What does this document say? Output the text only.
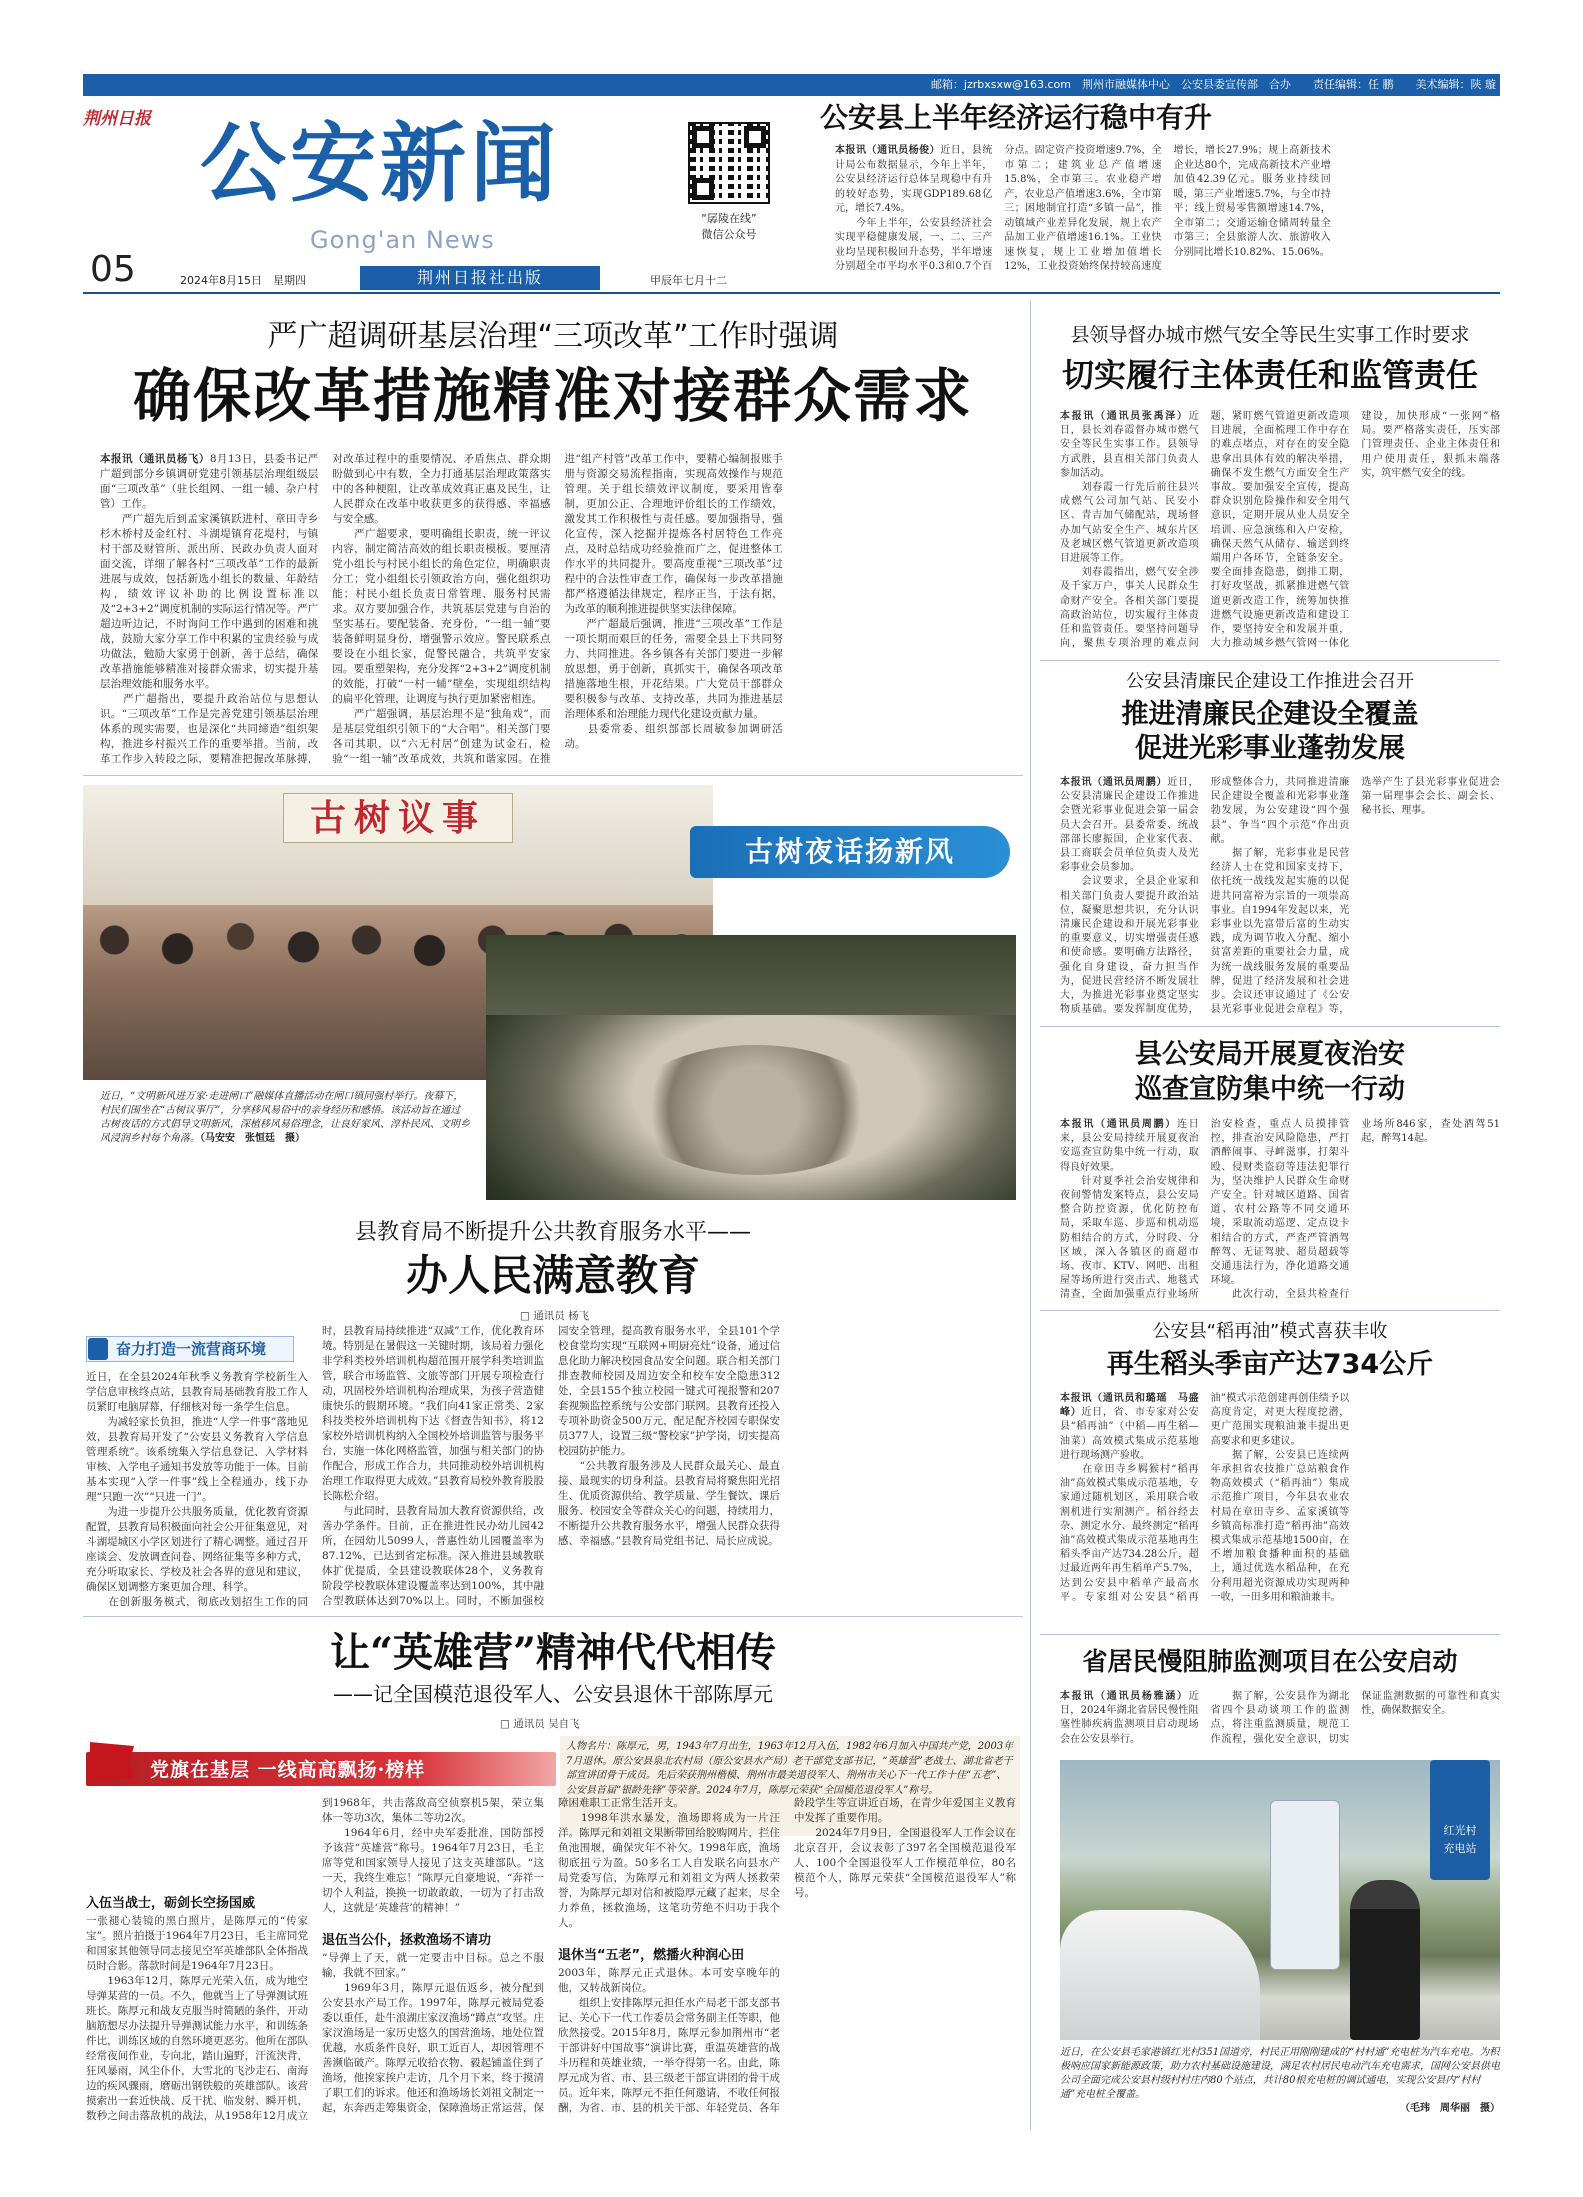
邮箱：jzrbxsxw@163.com　荆州市融媒体中心　公安县委宣传部　合办　　责任编辑：任 鹏　　美术编辑：陕 璇
荆州日报 公安新闻
Gong'an News
“孱陵在线”
微信公众号
05	2024年8月15日　星期四	荆州日报社出版	甲辰年七月十二
公安县上半年经济运行稳中有升
本报讯（通讯员杨俊）近日，县统计局公布数据显示，今年上半年，公安县经济运行总体呈现稳中有升的较好态势，实现GDP189.68亿元，增长7.4%。
　　今年上半年，公安县经济社会实现平稳健康发展，一、二、三产业均呈现积极回升态势，半年增速分别超全市平均水平0.3和0.7个百分点。固定资产投资增速9.7%，全市第二；建筑业总产值增速15.8%，全市第三。农业稳产增产，农业总产值增速3.6%，全市第三；困地制宜打造“多镇一品”，推动镇域产业差异化发展，规上农产品加工业产值增速16.1%。工业快速恢复，规上工业增加值增长12%，工业投资始终保持较高速度增长，增长27.9%；规上高新技术企业达80个，完成高新技术产业增加值42.39亿元。服务业持续回暖，第三产业增速5.7%，与全市持平；线上贸易零售额增速14.7%，全市第二；交通运输仓储周转量全市第三；全县旅游人次、旅游收入分别同比增长10.82%、15.06%。
严广超调研基层治理“三项改革”工作时强调
确保改革措施精准对接群众需求
本报讯（通讯员杨飞）8月13日，县委书记严广超到部分乡镇调研党建引领基层治理组级层面“三项改革”（驻长组网、一组一辅、杂户村管）工作。
　　严广超先后到孟家溪镇跃进村、章田寺乡杉木桥村及金红村、斗湖堤镇育花堤村，与镇村干部及财管所、派出所、民政办负责人面对面交流，详细了解各村“三项改革”工作的最新进展与成效，包括新选小组长的数量、年龄结构，绩效评议补助的比例设置标准以及“2+3+2”调度机制的实际运行情况等。严广超边听边记，不时询问工作中遇到的困难和挑战，鼓励大家分享工作中积累的宝贵经验与成功做法，勉励大家勇于创新，善于总结，确保改革措施能够精准对接群众需求，切实提升基层治理效能和服务水平。
　　严广超指出，要提升政治站位与思想认识。“三项改革”工作是完善党建引领基层治理体系的现实需要，也是深化“共同缔造”组织架构，推进乡村振兴工作的重要举措。当前，改革工作步入转段之际，要精准把握改革脉搏，对改革过程中的重要情况、矛盾焦点、群众期盼做到心中有数，全力打通基层治理政策落实中的各种梗阻，让改革成效真正惠及民生，让人民群众在改革中收获更多的获得感、幸福感与安全感。
　　严广超要求，要明确组长职责，统一评议内容，制定简洁高效的组长职责模板。要厘清党小组长与村民小组长的角色定位，明确职责分工；党小组组长引领政治方向，强化组织功能；村民小组长负责日常管理、服务村民需求。双方要加强合作，共筑基层党建与自治的坚实基石。要配装备、充身份，“一组一辅”要装备鲜明显身份，增强警示效应。警民联系点要设在小组长家，促警民融合，共筑平安家园。要重塑架构，充分发挥“2+3+2”调度机制的效能，打破“一村一辅”壁垒，实现组织结构的扁平化管理，让调度与执行更加紧密相连。
　　严广超强调，基层治理不是“独角戏”，而是基层党组织引领下的“大合唱”。相关部门要各司其职，以“六无村居”创建为试金石，检验“一组一辅”改革成效，共筑和谐家园。在推进“组产村管”改革工作中，要精心编制报账手册与资源交易流程指南，实现高效操作与规范管理。关于组长绩效评议制度，要采用皆奉制，更加公正、合理地评价组长的工作绩效，激发其工作积极性与责任感。要加强指导，强化宣传，深入挖掘并提炼各村居特色工作亮点，及时总结成功经验推而广之，促进整体工作水平的共同提升。要高度重视“三项改革”过程中的合法性审查工作，确保每一步改革措施都严格遵循法律规定，程序正当，于法有据，为改革的顺利推进提供坚实法律保障。
　　严广超最后强调，推进“三项改革”工作是一项长期而艰巨的任务，需要全县上下共同努力、共同推进。各乡镇各有关部门要进一步解放思想，勇于创新，真抓实干，确保各项改革措施落地生根，开花结果。广大党员干部群众要积极参与改革、支持改革，共同为推进基层治理体系和治理能力现代化建设贡献力量。
　　县委常委、组织部部长周敏参加调研活动。
县领导督办城市燃气安全等民生实事工作时要求
切实履行主体责任和监管责任
本报讯（通讯员张禹泽）近日，县长刘春霞督办城市燃气安全等民生实事工作。县领导方武胜，县直相关部门负责人参加活动。
　　刘春霞一行先后前往县兴成燃气公司加气站、民安小区、青吉加气储配站，现场督办加气站安全生产、城东片区及老城区燃气管道更新改造项目进展等工作。
　　刘春霞指出，燃气安全涉及千家万户，事关人民群众生命财产安全。各相关部门要提高政治站位，切实履行主体责任和监管责任。要坚持问题导向，聚焦专项治理的难点问题，紧盯燃气管道更新改造项目进展，全面梳理工作中存在的难点堵点，对存在的安全隐患拿出具体有效的解决举措，确保不发生燃气方面安全生产事故。要加强安全宣传，提高群众识别危险操作和安全用气意识，定期开展从业人员安全培训、应急演练和入户安检，确保天然气从储存、输送到终端用户各环节，全链条安全。要全面排查隐患，倒排工期，打好攻坚战，抓紧推进燃气管道更新改造工作，统筹加快推进燃气设施更新改造和建设工作，要坚持安全和发展并重，大力推动城乡燃气管网一体化建设，加快形成“一张网”格局。要严格落实责任，压实部门管理责任、企业主体责任和用户使用责任，狠抓末端落实，筑牢燃气安全的线。
公安县清廉民企建设工作推进会召开
推进清廉民企建设全覆盖
促进光彩事业蓬勃发展
本报讯（通讯员周鹏）近日，公安县清廉民企建设工作推进会暨光彩事业促进会第一届会员大会召开。县委常委、统战部部长廖振国，企业家代表、县工商联会员单位负责人及光彩事业会员参加。
　　会议要求，全县企业家和相关部门负责人要提升政治站位，凝聚思想共识，充分认识清廉民企建设和开展光彩事业的重要意义，切实增强责任感和使命感。要明确方法路径，强化自身建设，奋力担当作为，促进民营经济不断发展壮大，为推进光彩事业奠定坚实物质基础。要发挥制度优势，形成整体合力，共同推进清廉民企建设全覆盖和光彩事业蓬勃发展，为公安建设“四个强县”、争当“四个示范”作出贡献。
　　据了解，光彩事业是民营经济人士在党和国家支持下，依托统一战线发起实施的以促进共同富裕为宗旨的一项崇高事业。自1994年发起以来，光彩事业以先富带后富的生动实践，成为调节收入分配、缩小贫富差距的重要社会力量，成为统一战线服务发展的重要品牌，促进了经济发展和社会进步。会议还审议通过了《公安县光彩事业促进会章程》等，选举产生了县光彩事业促进会第一届理事会会长、副会长、秘书长、理事。
古树议事
古树夜话扬新风
近日，“文明新风进万家·走进闸口”融媒体直播活动在闸口镇同强村举行。夜幕下，村民们围坐在“古树议事厅”，分享移风易俗中的亲身经历和感悟。该活动旨在通过古树夜话的方式倡导文明新风，深植移风易俗理念，让良好家风、淳朴民风、文明乡风浸润乡村每个角落。（马安安　张恒廷　摄）
县公安局开展夏夜治安
巡查宣防集中统一行动
本报讯（通讯员周鹏）连日来，县公安局持续开展夏夜治安巡查宣防集中统一行动，取得良好效果。
　　针对夏季社会治安规律和夜间警情发案特点，县公安局整合防控资源，优化防控布局，采取车巡、步巡和机动巡防相结合的方式，分时段、分区域，深入各镇区的商超市场、夜市、KTV、网吧、出租屋等场所进行突击式、地毯式清查，全面加强重点行业场所治安检查，重点人员摸排管控，排查治安风险隐患，严打酒醉闹事、寻衅滋事，打架斗殴、侵财类盗窃等违法犯罪行为，坚决维护人民群众生命财产安全。针对城区道路、国省道、农村公路等不同交通环境，采取流动巡逻、定点设卡相结合的方式，严查严管酒驾醉驾、无证驾驶、超员超载等交通违法行为，净化道路交通环境。
　　此次行动，全县共检查行业场所846家，查处酒驾51起，醉驾14起。
县教育局不断提升公共教育服务水平——
办人民满意教育
□ 通讯员 杨飞
奋力打造一流营商环境
近日，在全县2024年秋季义务教育学校新生入学信息审核终点站，县教育局基础教育股工作人员紧盯电脑屏幕，仔细核对每一条学生信息。
　　为减轻家长负担，推进“人学一件事”落地见效，县教育局开发了“公安县义务教育入学信息管理系统”。该系统集入学信息登记、入学材料审核、入学电子通知书发放等功能于一体。目前基本实现“入学一件事”线上全程通办，线下办理“只跑一次”“只进一门”。
　　为进一步提升公共服务质量，优化教育资源配置，县教育局积极面向社会公开征集意见，对斗湖堤城区小学区划进行了精心调整。通过召开座谈会、发放调查问卷、网络征集等多种方式，充分听取家长、学校及社会各界的意见和建议，确保区划调整方案更加合理、科学。
　　在创新服务模式，彻底改划招生工作的同时，县教育局持续推进“双减”工作，优化教育环境。特别是在暑假这一关键时期，该局着力强化非学科类校外培训机构超范围开展学科类培训监管，联合市场监管、文旅等部门开展专项检查行动，巩固校外培训机构治理成果，为孩子营造健康快乐的假期环境。“我们向41家正常类、2家科技类校外培训机构下达《督查告知书》，将12家校外培训机构纳入全国校外培训监管与服务平台，实施一体化网格监管，加强与相关部门的协作配合，形成工作合力，共同推动校外培训机构治理工作取得更大成效。”县教育局校外教育股股长陈松介绍。
　　与此同时，县教育局加大教育资源供给，改善办学条件。目前，正在推进性民办幼儿园42所，在园幼儿5099人，普惠性幼儿园覆盖率为87.12%，已达到省定标准。深入推进县域教联体扩优提质，全县建设教联体28个，义务教育阶段学校教联体建设覆盖率达到100%，其中融合型教联体达到70%以上。同时，不断加强校园安全管理，提高教育服务水平，全县101个学校食堂均实现“互联网+明厨亮灶”设备，通过信息化助力解决校园食品安全问题。联合相关部门排查教师校园及周边安全和校车安全隐患312处，全县155个独立校园一键式可视报警和207套视频监控系统与公安部门联网。县教育还投入专项补助资金500万元，配足配齐校园专职保安员377人，设置三级“警校家”护学岗，切实提高校园防护能力。
　　“公共教育服务涉及人民群众最关心、最直接、最现实的切身利益。县教育局将聚焦阳光招生、优质资源供给、教学质量、学生餐饮、课后服务、校园安全等群众关心的问题，持续用力，不断提升公共教育服务水平，增强人民群众获得感、幸福感。”县教育局党组书记、局长应成说。
公安县“稻再油”模式喜获丰收
再生稻头季亩产达734公斤
本报讯（通讯员和璐瑶　马盛峰）近日，省、市专家对公安县“稻再油”（中稻—再生稻—油菜）高效模式集成示范基地进行现场测产验收。
　　在章田寺乡羁猴村“稻再油”高效模式集成示范基地，专家通过随机划区，采用联合收割机进行实割测产。稻谷经去杂、测定水分、最终测定“稻再油”高效模式集成示范基地再生稻头季亩产达734.28公斤，超过最近两年再生稻单产5.7%，达到公安县中稻单产最高水平。专家组对公安县“稻再油”模式示范创建再创佳绩予以高度肯定，对更大程度挖潜，更广范围实现粮油兼丰提出更高要求和更多建议。
　　据了解，公安县已连续两年承担省农技推广总站粮食作物高效模式（“稻再油”）集成示范推广项目，今年县农业农村局在章田寺乡、孟家溪镇等乡镇高标准打造“稻再油”高效模式集成示范基地1500亩，在不增加粮食播种面积的基础上，通过优选水稻品种，在充分利用超光资源成功实现两种一收，一田多用和粮油兼丰。
让“英雄营”精神代代相传
——记全国模范退役军人、公安县退休干部陈厚元
□ 通讯员 吴自飞
党旗在基层 一线高高飘扬·榜样
人物名片：陈厚元，男，1943年7月出生，1963年12月入伍，1982年6月加入中国共产党，2003年7月退休。原公安县泉北农村局（原公安县水产局）老干部党支部书记，“英雄营”老战士、湖北省老干部宣讲团骨干成员。先后荣获荆州楷模、荆州市最美退役军人、荆州市关心下一代工作十佳“五老”、公安县首届“银龄先锋”等荣誉。2024年7月，陈厚元荣获“全国模范退役军人”称号。

入伍当战士，砺剑长空扬国威
一张褪心装镜的黑白照片，是陈厚元的“传家宝”。照片拍摄于1964年7月23日，毛主席同党和国家其他领导同志接见空军英雄部队全体指战员时合影。落款时间是1964年7月23日。
　　1963年12月，陈厚元光荣入伍，成为地空导弹某营的一员。不久，他就当上了导弹测试班班长。陈厚元和战友克服当时简陋的条件，开动脑筋想尽办法提升导弹测试能力水平，和训练条件比，训练区域的自然环境更恶劣。他所在部队经常夜间作业，专向北，踏山遍野，汗流浃背，狂风暴雨，风尘仆仆，大雪北的飞沙走石、南海边的疾风骤雨，磨砺出钢铁般的英雄部队。该营摸索出一套近快战、反干扰、临发射、瞬开机，数秒之间击落敌机的战法，从1958年12月成立到1968年，共击落敌高空侦察机5架，荣立集体一等功3次，集体二等功2次。
　　1964年6月，经中央军委批准，国防部授予该营“英雄营”称号。1964年7月23日，毛主席等党和国家领导人接见了这支英雄部队。“这一天，我终生难忘！”陈厚元自豪地说，“奔祥一切个人利益，换换一切敢敢敢，一切为了打击敌人，这就是‘英雄营’的精神！”

退伍当公仆，拯救渔场不请功
“导弹上了天，就一定要击中目标。总之不服输，我就不回家。”
　　1969年3月，陈厚元退伍返乡，被分配到公安县水产局工作。1997年，陈厚元被局党委委以重任，赴牛浪湖庄家汊渔场“蹲点”攻坚。庄家汊渔场是一家历史悠久的国营渔场，地处位置优越，水质条件良好，职工近百人，却因管理不善濒临破产。陈厚元收拾衣物、毅起铺盖住到了渔场，他挨家挨户走访，几个月下来，终于摸清了职工们的诉求。他还和渔场场长刘祖文制定一起，东奔西走筹集资金，保障渔场正常运营，保障困难职工正常生活开支。
　　1998年洪水暴发，渔场即将成为一片汪洋。陈厚元和刘祖文果断带回给胶购网片，拦住鱼池围堰，确保灾年不补欠。1998年底，渔场彻底扭亏为盈。50多名工人自发联名向县水产局党委写信，为陈厚元和刘祖文为两人拯救荣誉，为陈厚元却对信和被隐厚元藏了起来，尽全力养鱼，拯救渔场，这笔功劳绝不归功于我个人。

退休当“五老”，燃播火种润心田
2003年，陈厚元正式退休。本可安享晚年的他，又转战新岗位。
　　组织上安排陈厚元担任水产局老干部支部书记、关心下一代工作委员会常务副主任等职，他欣然接受。2015年8月，陈厚元参加荆州市“老干部讲好中国故事”演讲比赛，重温英雄营的战斗历程和英雄业绩，一举夺得第一名。由此，陈厚元成为省、市、县三级老干部宣讲团的骨干成员。近年来，陈厚元不拒任何邀请，不收任何报酬，为省、市、县的机关干部、年轻党员、各年龄段学生等宣讲近百场，在青少年爱国主义教育中发挥了重要作用。
　　2024年7月9日，全国退役军人工作会议在北京召开，会议表彰了397名全国模范退役军人、100个全国退役军人工作模范单位，80名模范个人，陈厚元荣获“全国模范退役军人”称号。

省居民慢阻肺监测项目在公安启动
本报讯（通讯员杨雅涵）近日，2024年湖北省居民慢性阻塞性肺疾病监测项目启动现场会在公安县举行。
　　据了解，公安县作为湖北省四个县动谈项工作的监测点，将注重监测质量，规范工作流程，强化安全意识，切实保证监测数据的可靠性和真实性，确保数据安全。
红光村
充电站
近日，在公安县毛家港镇红光村351国道旁，村民正用刚刚建成的“村村通”充电桩为汽车充电。为积极响应国家新能源政策，助力农村基础设施建设，满足农村居民电动汽车充电需求，国网公安县供电公司全面完成公安县村级村村庄内80个站点，共计80根充电桩的调试通电，实现公安县内“村村通”充电桩全覆盖。
（毛玮　周华丽　摄）
